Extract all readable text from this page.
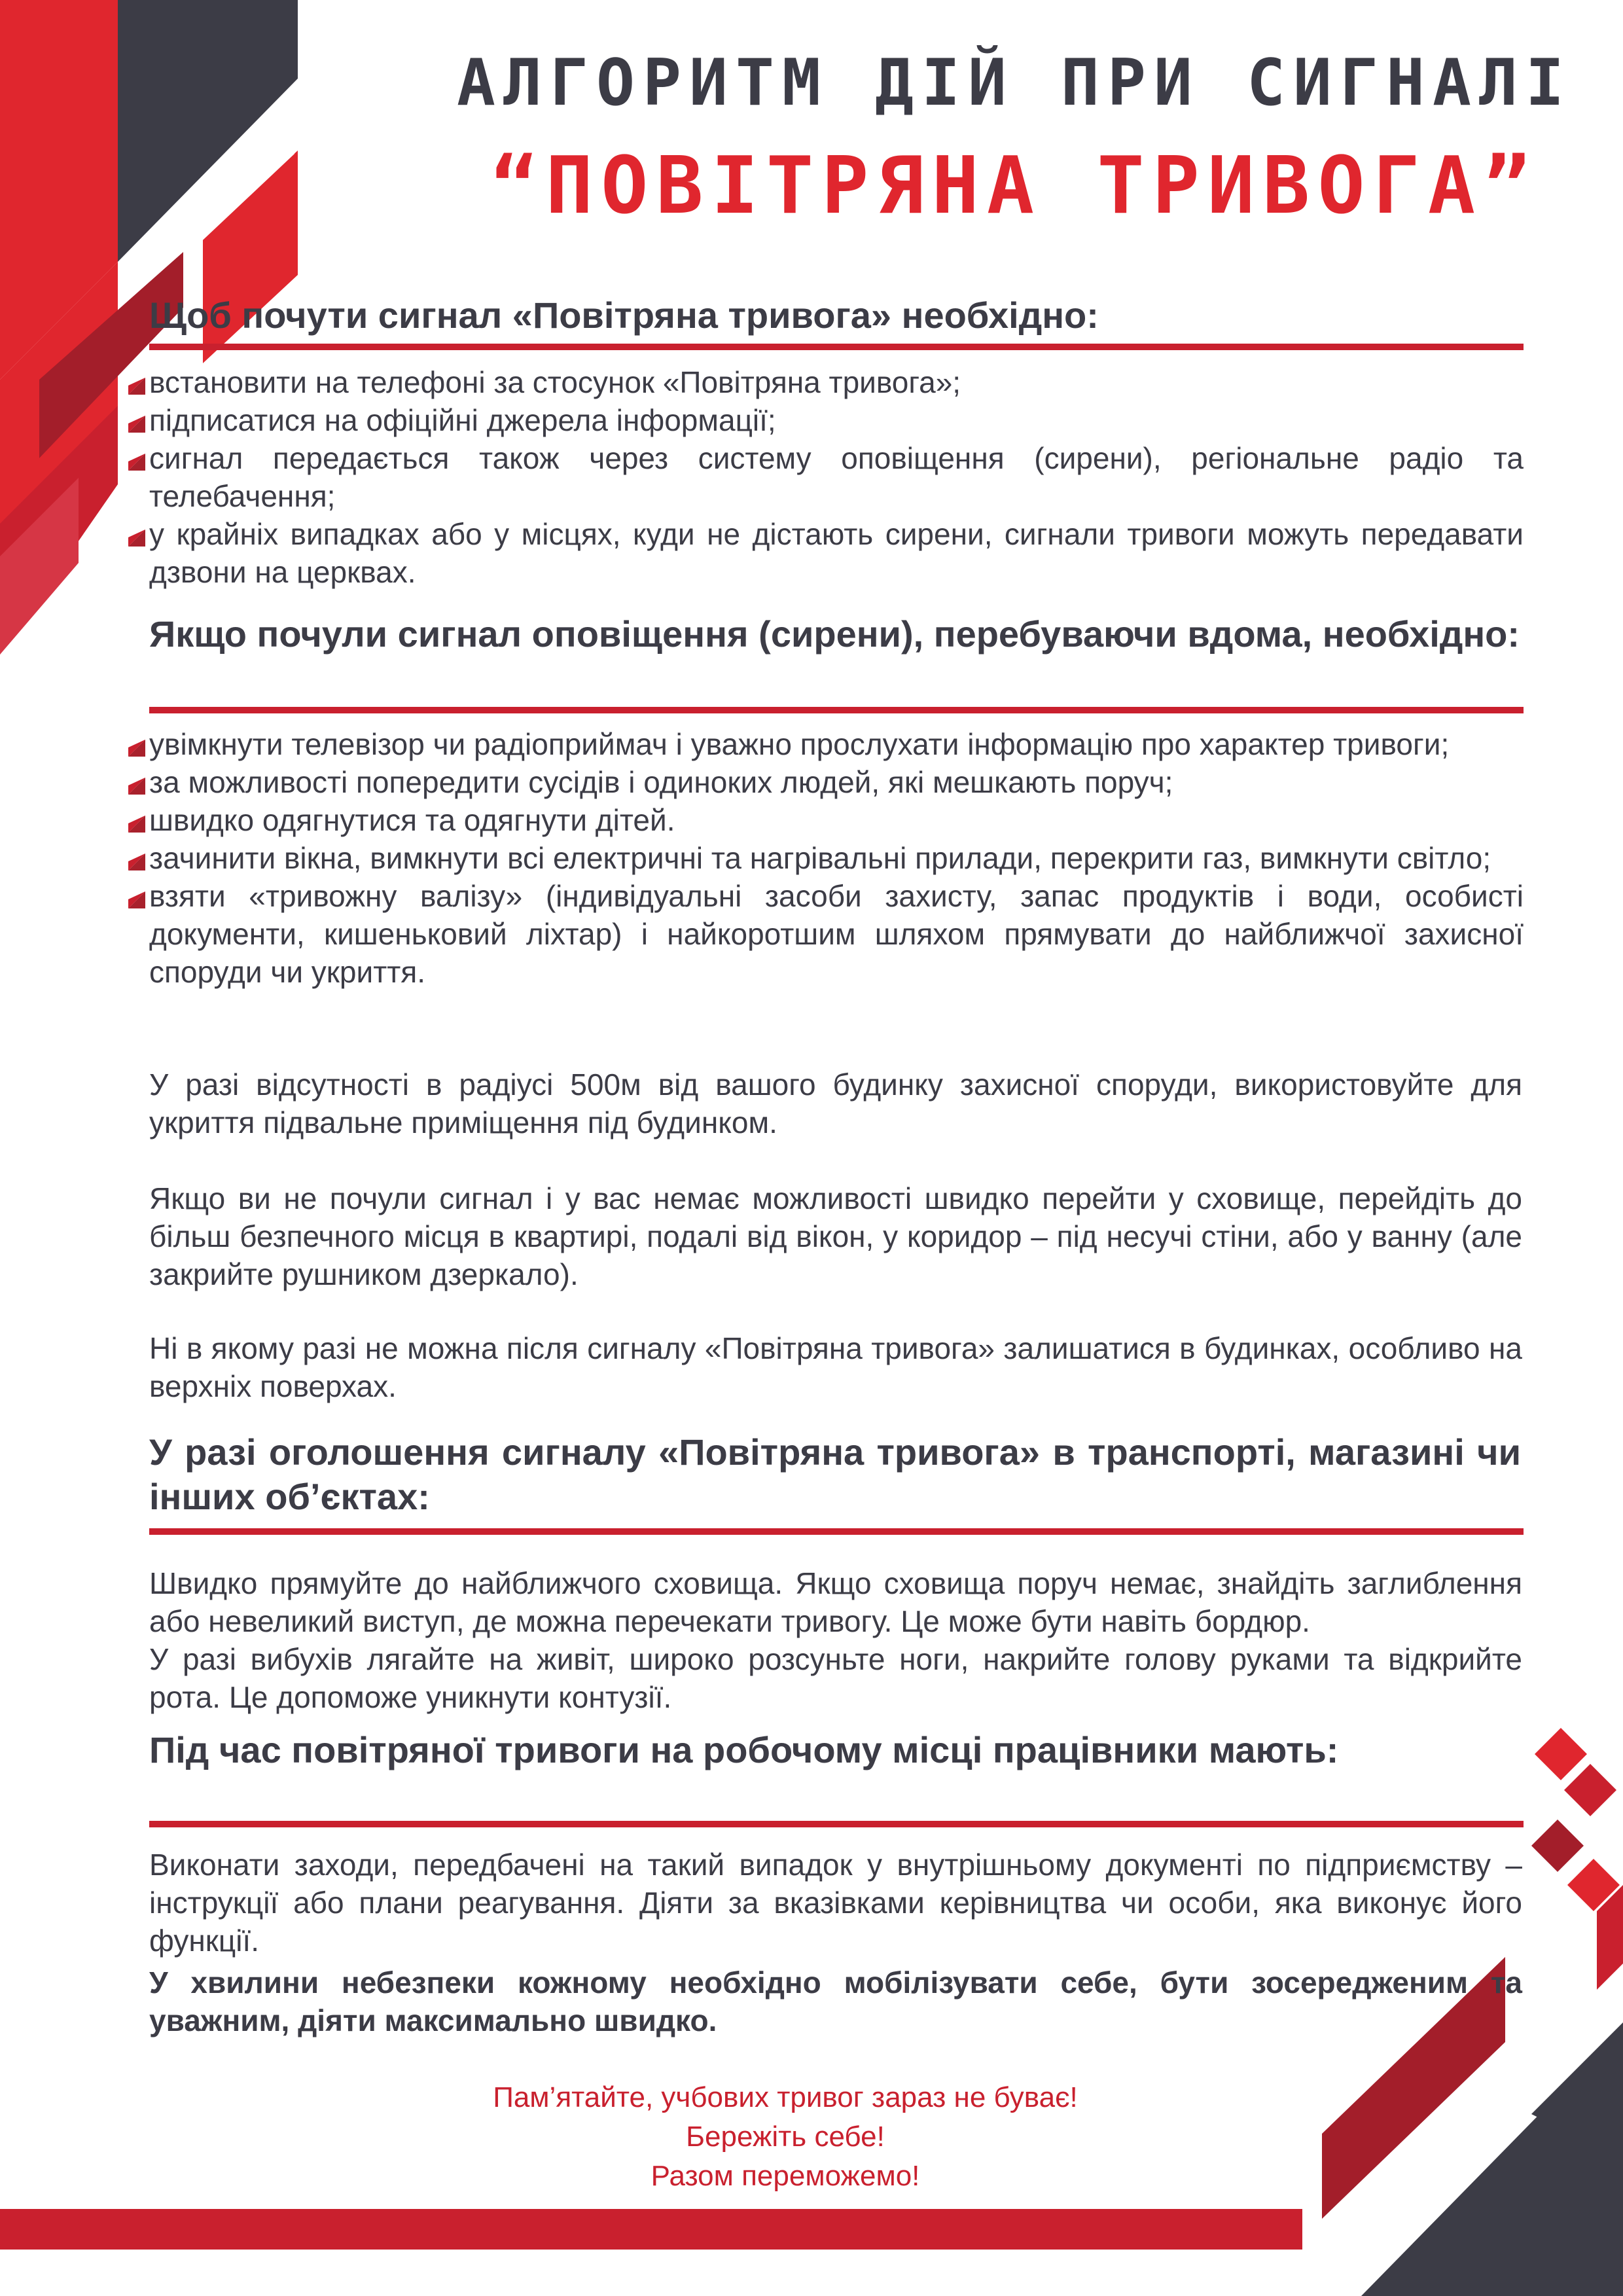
АЛГОРИТМ ДІЙ ПРИ СИГНАЛІ
“ПОВІТРЯНА ТРИВОГА”
Щоб почути сигнал «Повітряна тривога» необхідно:
встановити на телефоні за стосунок «Повітряна тривога»;
підписатися на офіційні джерела інформації;
сигнал передається також через систему оповіщення (сирени), регіональне радіо та телебачення;
у крайніх випадках або у місцях, куди не дістають сирени, сигнали тривоги можуть передавати дзвони на церквах.
Якщо почули сигнал оповіщення (сирени), перебуваючи вдома, необхідно:
увімкнути телевізор чи радіоприймач і уважно прослухати інформацію про характер тривоги;
за можливості попередити сусідів і одиноких людей, які мешкають поруч;
швидко одягнутися та одягнути дітей.
зачинити вікна, вимкнути всі електричні та нагрівальні прилади, перекрити газ, вимкнути світло;
взяти «тривожну валізу» (індивідуальні засоби захисту, запас продуктів і води, особисті документи, кишеньковий ліхтар) і найкоротшим шляхом прямувати до найближчої захисної споруди чи укриття.

У разі відсутності в радіусі 500м від вашого будинку захисної споруди, використовуйте для укриття підвальне приміщення під будинком.

Якщо ви не почули сигнал і у вас немає можливості швидко перейти у сховище, перейдіть до більш безпечного місця в квартирі, подалі від вікон, у коридор – під несучі стіни, або у ванну (але закрийте рушником дзеркало).

Ні в якому разі не можна після сигналу «Повітряна тривога» залишатися в будинках, особливо на верхніх поверхах.

У разі оголошення сигналу «Повітряна тривога» в транспорті, магазині чи інших об’єктах:

Швидко прямуйте до найближчого сховища. Якщо сховища поруч немає, знайдіть заглиблення або невеликий виступ, де можна перечекати тривогу. Це може бути навіть бордюр.

У разі вибухів лягайте на живіт, широко розсуньте ноги, накрийте голову руками та відкрийте рота. Це допоможе уникнути контузії.

Під час повітряної тривоги на робочому місці працівники мають:

Виконати заходи, передбачені на такий випадок у внутрішньому документі по підприємству – інструкції або плани реагування. Діяти за вказівками керівництва чи особи, яка виконує його функції.

У хвилини небезпеки кожному необхідно мобілізувати себе, бути зосередженим та уважним, діяти максимально швидко.

Пам’ятайте, учбових тривог зараз не буває!
Бережіть себе!
Разом переможемо!
